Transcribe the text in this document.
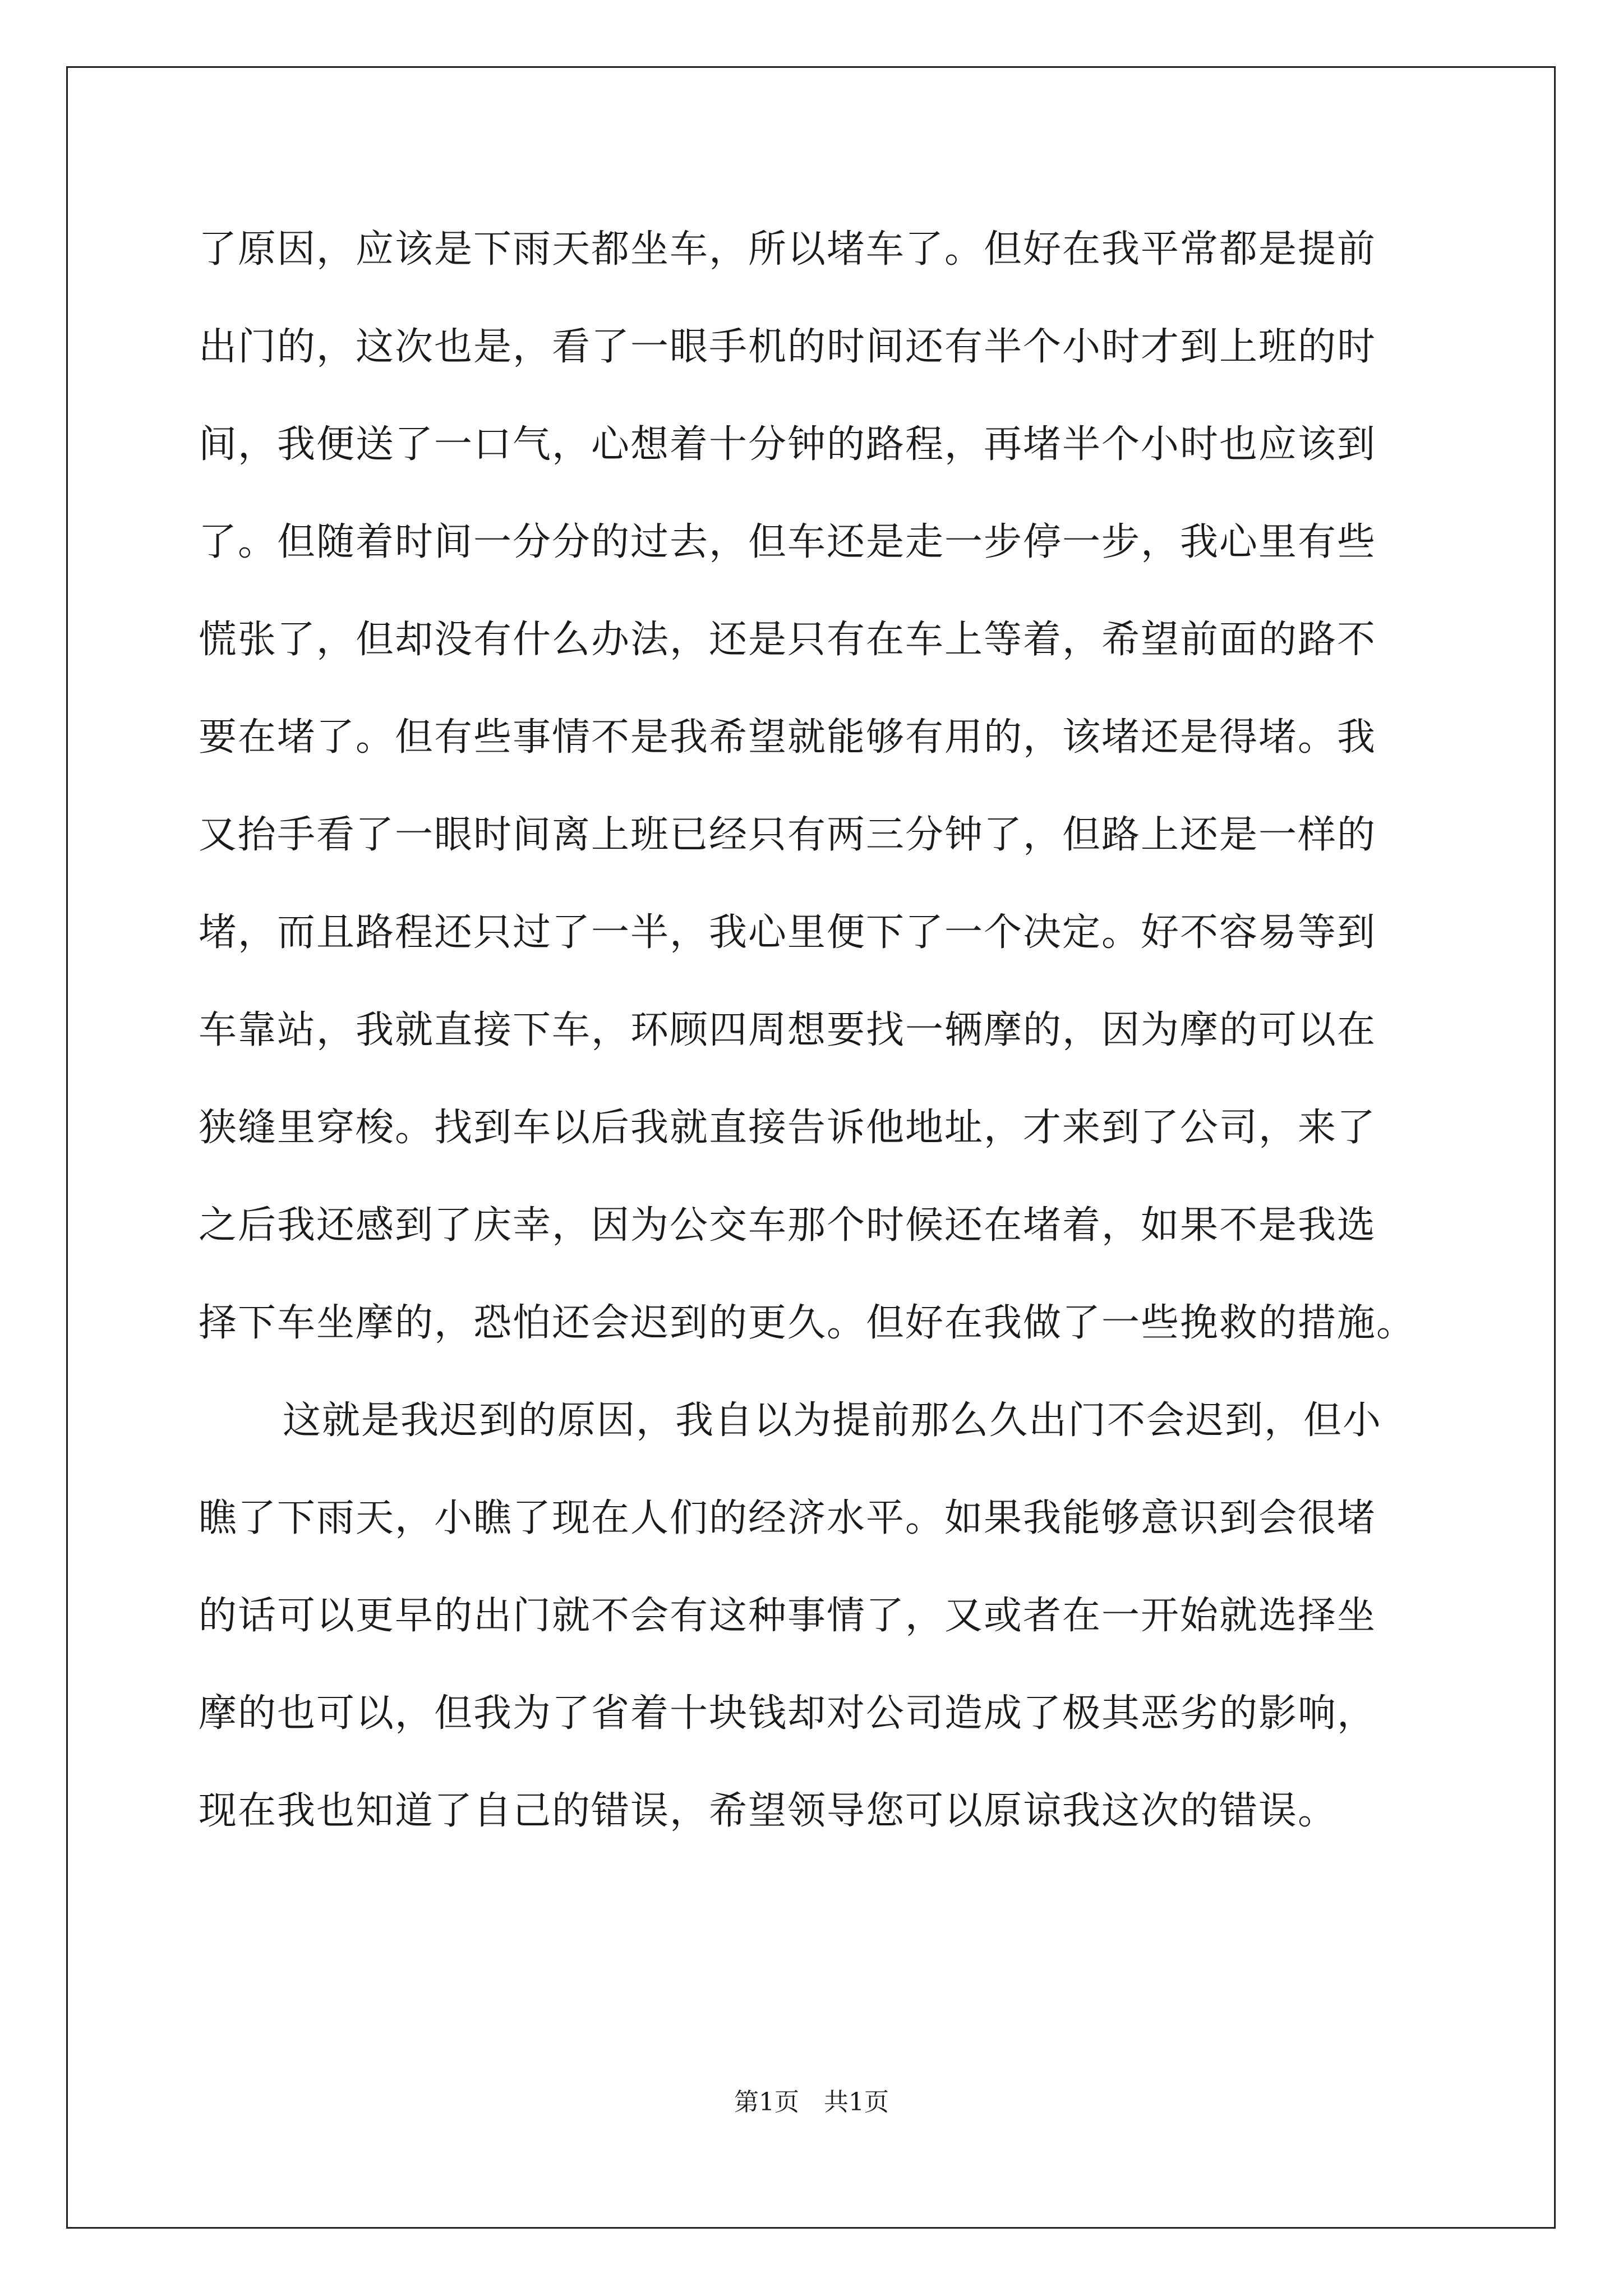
了原因，应该是下雨天都坐车，所以堵车了。但好在我平常都是提前
出门的，这次也是，看了一眼手机的时间还有半个小时才到上班的时
间，我便送了一口气，心想着十分钟的路程，再堵半个小时也应该到
了。但随着时间一分分的过去，但车还是走一步停一步，我心里有些
慌张了，但却没有什么办法，还是只有在车上等着，希望前面的路不
要在堵了。但有些事情不是我希望就能够有用的，该堵还是得堵。我
又抬手看了一眼时间离上班已经只有两三分钟了，但路上还是一样的
堵，而且路程还只过了一半，我心里便下了一个决定。好不容易等到
车靠站，我就直接下车，环顾四周想要找一辆摩的，因为摩的可以在
狭缝里穿梭。找到车以后我就直接告诉他地址，才来到了公司，来了
之后我还感到了庆幸，因为公交车那个时候还在堵着，如果不是我选
择下车坐摩的，恐怕还会迟到的更久。但好在我做了一些挽救的措施。
这就是我迟到的原因，我自以为提前那么久出门不会迟到，但小
瞧了下雨天，小瞧了现在人们的经济水平。如果我能够意识到会很堵
的话可以更早的出门就不会有这种事情了，又或者在一开始就选择坐
摩的也可以，但我为了省着十块钱却对公司造成了极其恶劣的影响，
现在我也知道了自己的错误，希望领导您可以原谅我这次的错误。
第1页 共1页
